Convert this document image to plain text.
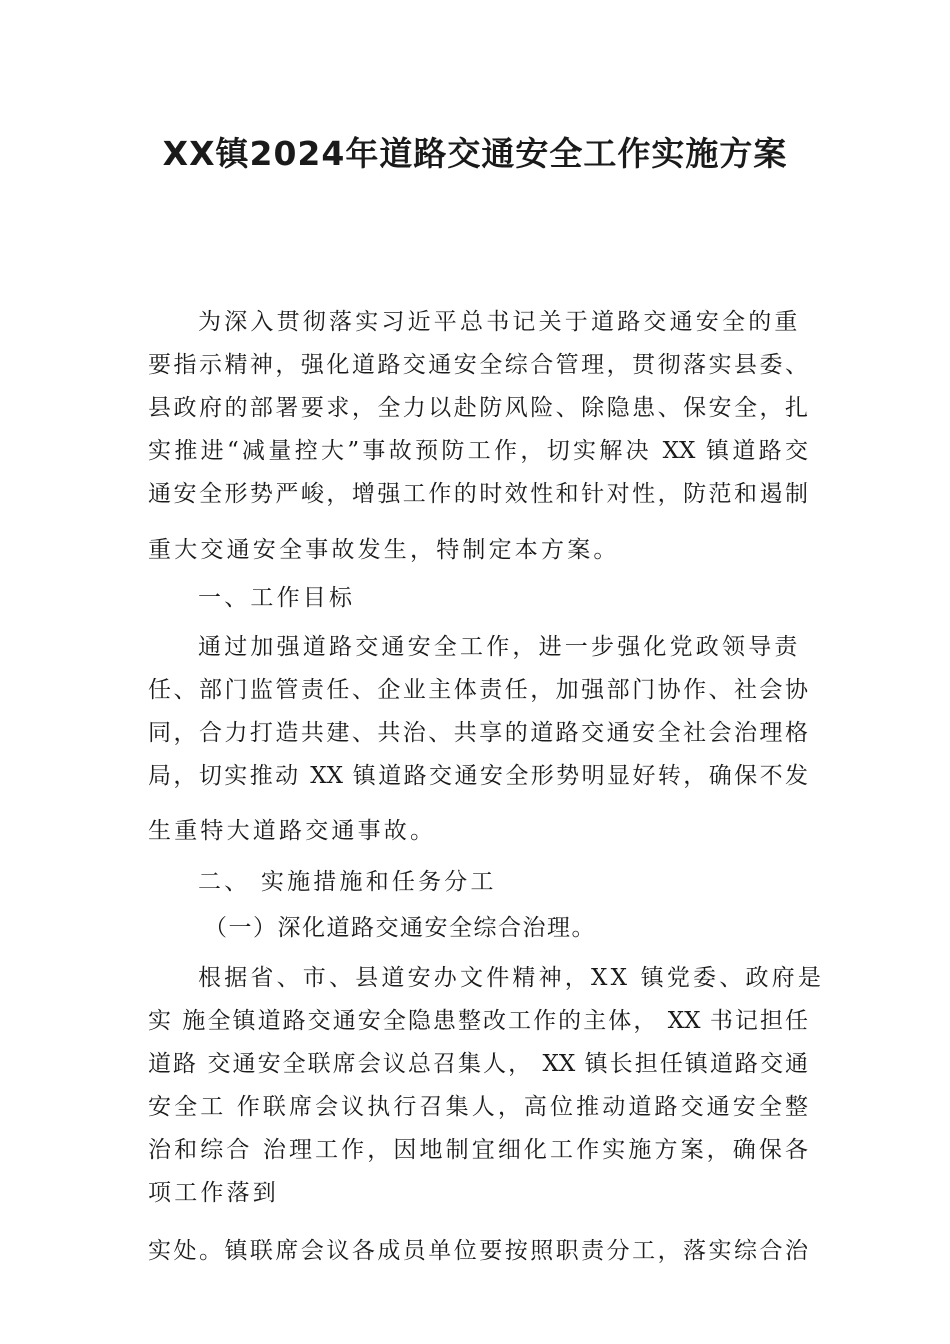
XX镇2024年道路交通安全工作实施方案
为深入贯彻落实习近平总书记关于道路交通安全的重
要指示精神，强化道路交通安全综合管理，贯彻落实县委、
县政府的部署要求，全力以赴防风险、除隐患、保安全，扎
实推进“减量控大”事故预防工作，切实解决 XX 镇道路交
通安全形势严峻，增强工作的时效性和针对性，防范和遏制
重大交通安全事故发生，特制定本方案。
一、工作目标
通过加强道路交通安全工作，进一步强化党政领导责
任、部门监管责任、企业主体责任，加强部门协作、社会协
同，合力打造共建、共治、共享的道路交通安全社会治理格
局，切实推动 XX 镇道路交通安全形势明显好转，确保不发
生重特大道路交通事故。
二、 实施措施和任务分工
（一）深化道路交通安全综合治理。
根据省、市、县道安办文件精神，XX 镇党委、政府是
实 施全镇道路交通安全隐患整改工作的主体， XX 书记担任
道路 交通安全联席会议总召集人， XX 镇长担任镇道路交通
安全工 作联席会议执行召集人，高位推动道路交通安全整
治和综合 治理工作，因地制宜细化工作实施方案，确保各
项工作落到
实处。镇联席会议各成员单位要按照职责分工，落实综合治
